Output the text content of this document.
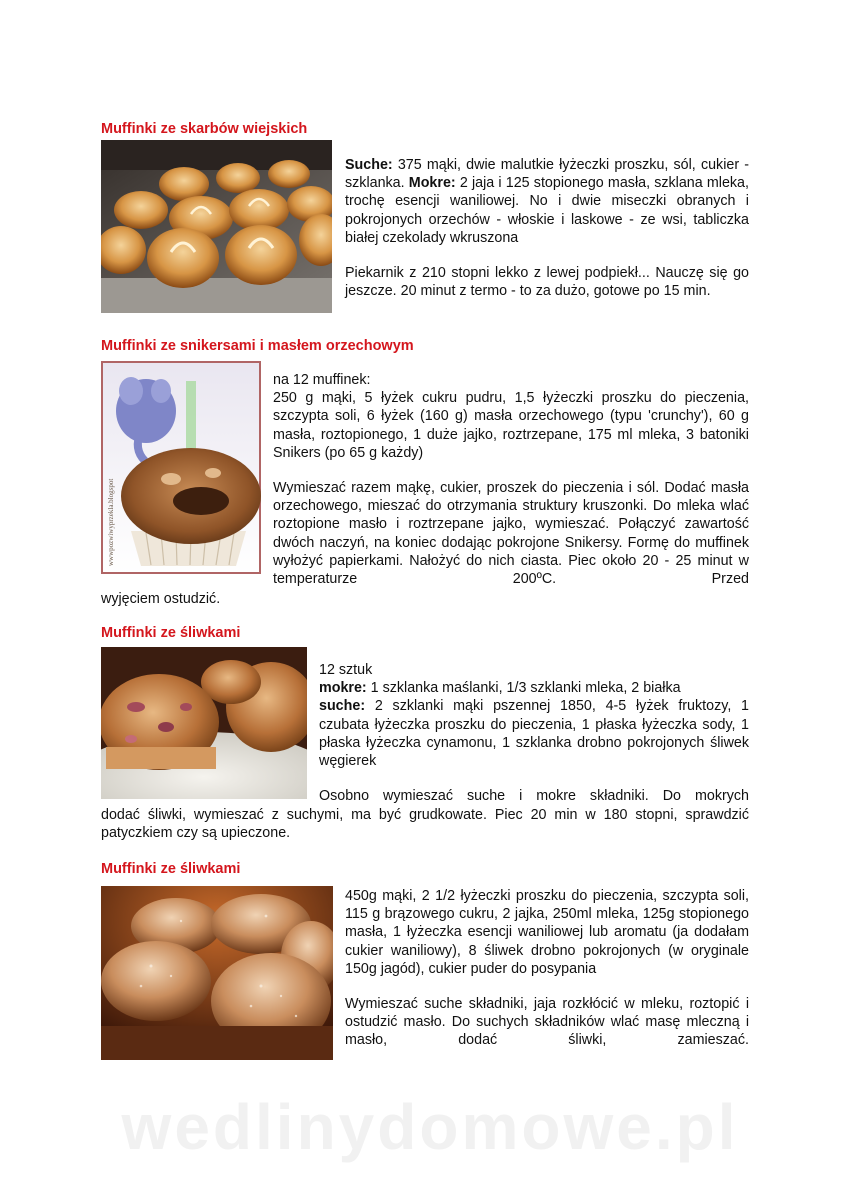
Muffinki ze skarbów wiejskich

Suche: 375 mąki, dwie malutkie łyżeczki proszku, sól, cukier - szklanka. Mokre: 2 jaja i 125 stopionego masła, szklana mleka, trochę esencji waniliowej. No i dwie miseczki obranych i pokrojonych orzechów - włoskie i laskowe - ze wsi, tabliczka białej czekolady wkruszona

Piekarnik z 210 stopni lekko z lewej podpiekł... Nauczę się go jeszcze. 20 minut z termo - to za dużo, gotowe po 15 min.

Muffinki ze snikersami i masłem orzechowym
wwwpozwiwyprzekla.blogspot

na 12 muffinek:

250 g mąki, 5 łyżek cukru pudru, 1,5 łyżeczki proszku do pieczenia, szczypta soli, 6 łyżek (160 g) masła orzechowego (typu 'crunchy'), 60 g masła, roztopionego, 1 duże jajko, roztrzepane, 175 ml mleka, 3 batoniki Snikers (po 65 g każdy)

Wymieszać razem mąkę, cukier, proszek do pieczenia i sól. Dodać masła orzechowego, mieszać do otrzymania struktury kruszonki. Do mleka wlać roztopione masło i roztrzepane jajko, wymieszać. Połączyć zawartość dwóch naczyń, na koniec dodając pokrojone Snikersy. Formę do muffinek wyłożyć papierkami. Nałożyć do nich ciasta. Piec około 20 - 25 minut w temperaturze 200ºC. Przed

wyjęciem ostudzić.
Muffinki ze śliwkami

12 sztuk

mokre: 1 szklanka maślanki, 1/3 szklanki mleka, 2 białka

suche: 2 szklanki mąki pszennej 1850, 4-5 łyżek fruktozy, 1 czubata łyżeczka proszku do pieczenia, 1 płaska łyżeczka sody, 1 płaska łyżeczka cynamonu, 1 szklanka drobno pokrojonych śliwek węgierek

Osobno wymieszać suche i mokre składniki. Do mokrych

dodać śliwki, wymieszać z suchymi, ma być grudkowate. Piec 20 min w 180 stopni, sprawdzić patyczkiem czy są upieczone.
Muffinki ze śliwkami

450g mąki, 2 1/2 łyżeczki proszku do pieczenia, szczypta soli, 115 g brązowego cukru, 2 jajka, 250ml mleka, 125g stopionego masła, 1 łyżeczka esencji waniliowej lub aromatu (ja dodałam cukier waniliowy), 8 śliwek drobno pokrojonych (w oryginale 150g jagód), cukier puder do posypania

Wymieszać suche składniki, jaja rozkłócić w mleku, roztopić i ostudzić masło. Do suchych składników wlać masę mleczną i masło, dodać śliwki, zamieszać.

wedlinydomowe.pl
